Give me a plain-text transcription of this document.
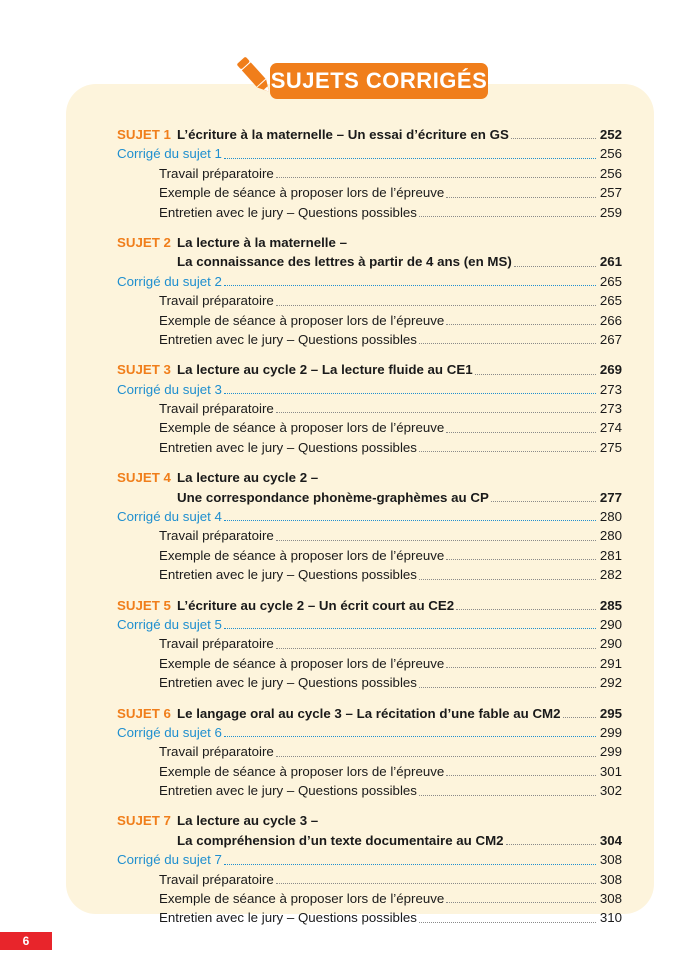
SUJETS CORRIGÉS
SUJET 1 L’écriture à la maternelle – Un essai d’écriture en GS	252
Corrigé du sujet 1	256
Travail préparatoire	256
Exemple de séance à proposer lors de l’épreuve	257
Entretien avec le jury – Questions possibles	259
SUJET 2 La lecture à la maternelle –
La connaissance des lettres à partir de 4 ans (en MS)	261
Corrigé du sujet 2	265
Travail préparatoire	265
Exemple de séance à proposer lors de l’épreuve	266
Entretien avec le jury – Questions possibles	267
SUJET 3 La lecture au cycle 2 – La lecture fluide au CE1	269
Corrigé du sujet 3	273
Travail préparatoire	273
Exemple de séance à proposer lors de l’épreuve	274
Entretien avec le jury – Questions possibles	275
SUJET 4 La lecture au cycle 2 –
Une correspondance phonème-graphèmes au CP	277
Corrigé du sujet 4	280
Travail préparatoire	280
Exemple de séance à proposer lors de l’épreuve	281
Entretien avec le jury – Questions possibles	282
SUJET 5 L’écriture au cycle 2 – Un écrit court au CE2	285
Corrigé du sujet 5	290
Travail préparatoire	290
Exemple de séance à proposer lors de l’épreuve	291
Entretien avec le jury – Questions possibles	292
SUJET 6 Le langage oral au cycle 3 – La récitation d’une fable au CM2	295
Corrigé du sujet 6	299
Travail préparatoire	299
Exemple de séance à proposer lors de l’épreuve	301
Entretien avec le jury – Questions possibles	302
SUJET 7 La lecture au cycle 3 –
La compréhension d’un texte documentaire au CM2	304
Corrigé du sujet 7	308
Travail préparatoire	308
Exemple de séance à proposer lors de l’épreuve	308
Entretien avec le jury – Questions possibles	310
6
